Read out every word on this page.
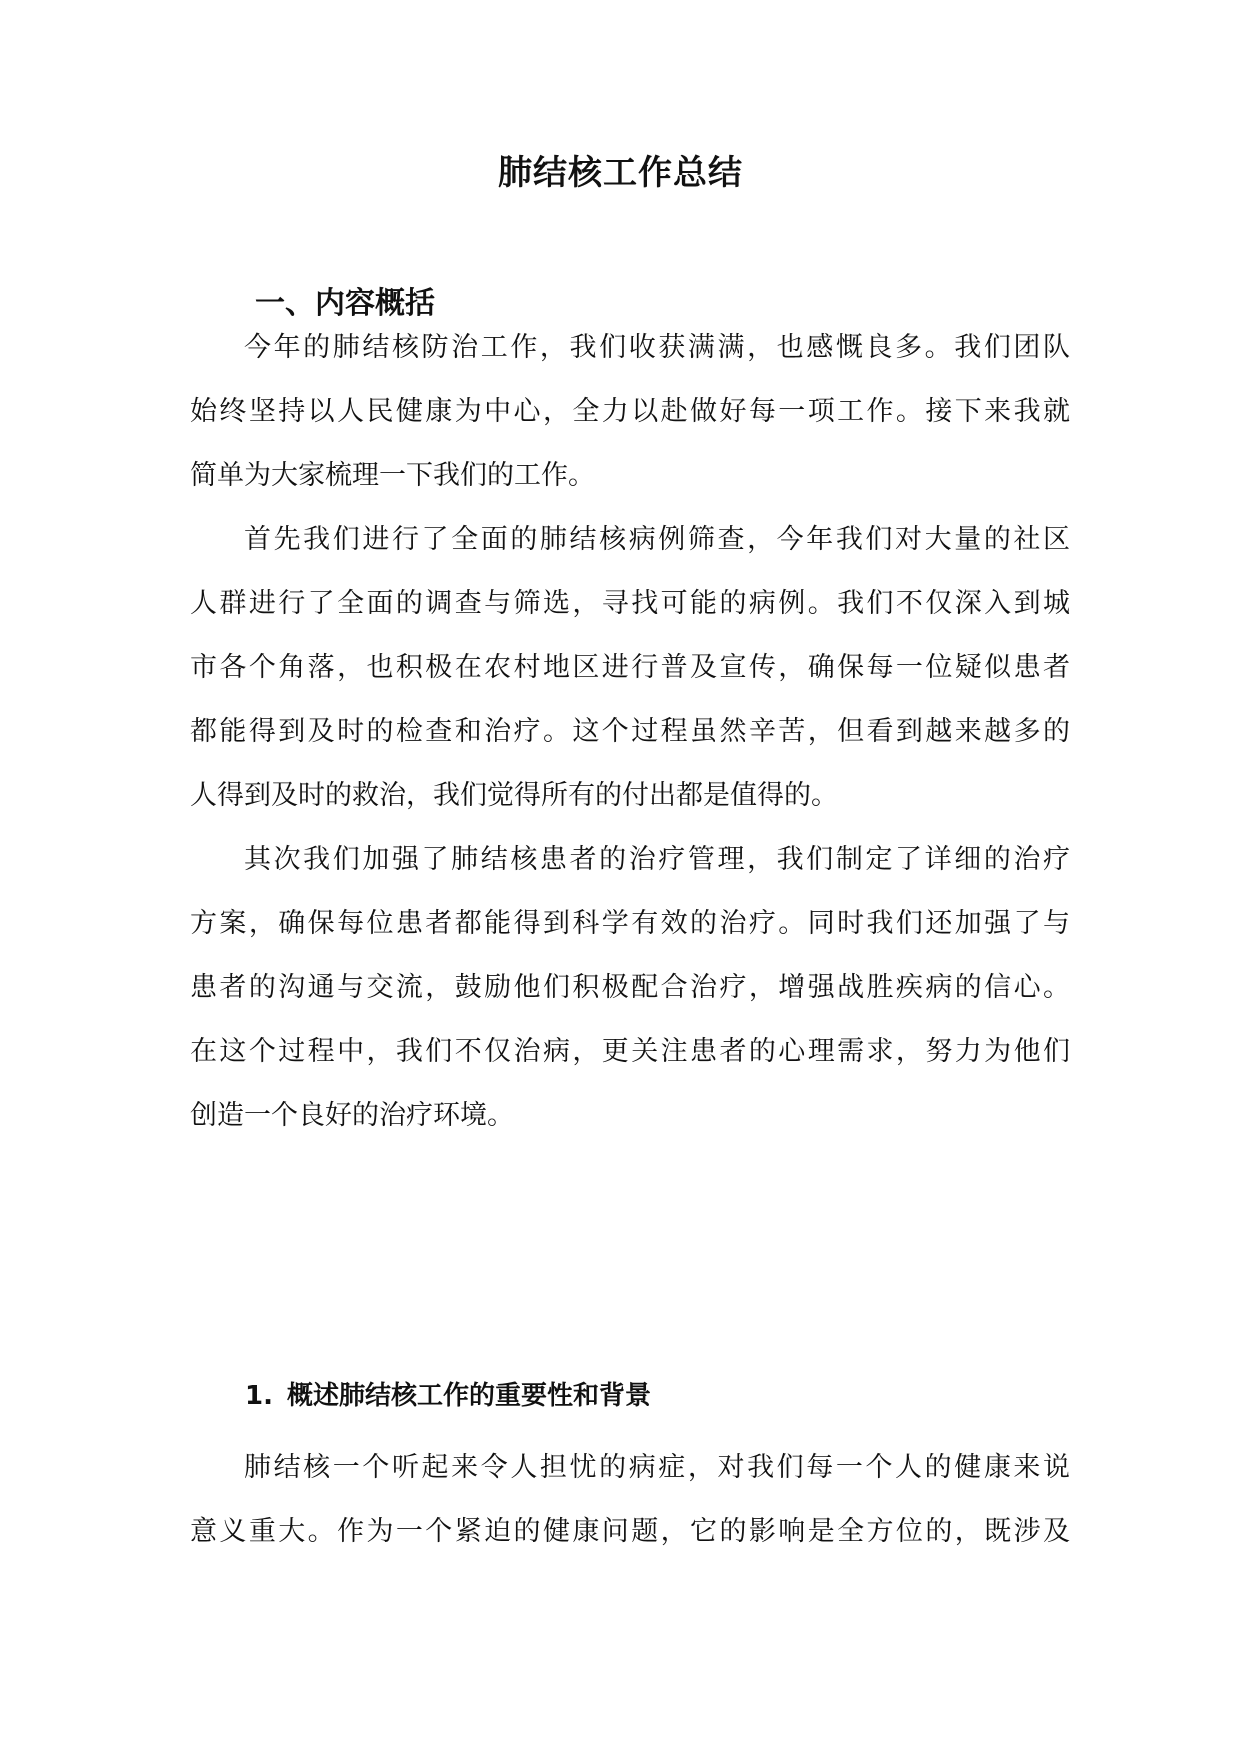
肺结核工作总结
一、内容概括
今年的肺结核防治工作，我们收获满满，也感慨良多。我们团队
始终坚持以人民健康为中心，全力以赴做好每一项工作。接下来我就
简单为大家梳理一下我们的工作。
首先我们进行了全面的肺结核病例筛查，今年我们对大量的社区
人群进行了全面的调查与筛选，寻找可能的病例。我们不仅深入到城
市各个角落，也积极在农村地区进行普及宣传，确保每一位疑似患者
都能得到及时的检查和治疗。这个过程虽然辛苦，但看到越来越多的
人得到及时的救治，我们觉得所有的付出都是值得的。
其次我们加强了肺结核患者的治疗管理，我们制定了详细的治疗
方案，确保每位患者都能得到科学有效的治疗。同时我们还加强了与
患者的沟通与交流，鼓励他们积极配合治疗，增强战胜疾病的信心。
在这个过程中，我们不仅治病，更关注患者的心理需求，努力为他们
创造一个良好的治疗环境。
1. 概述肺结核工作的重要性和背景
肺结核一个听起来令人担忧的病症，对我们每一个人的健康来说
意义重大。作为一个紧迫的健康问题，它的影响是全方位的，既涉及
